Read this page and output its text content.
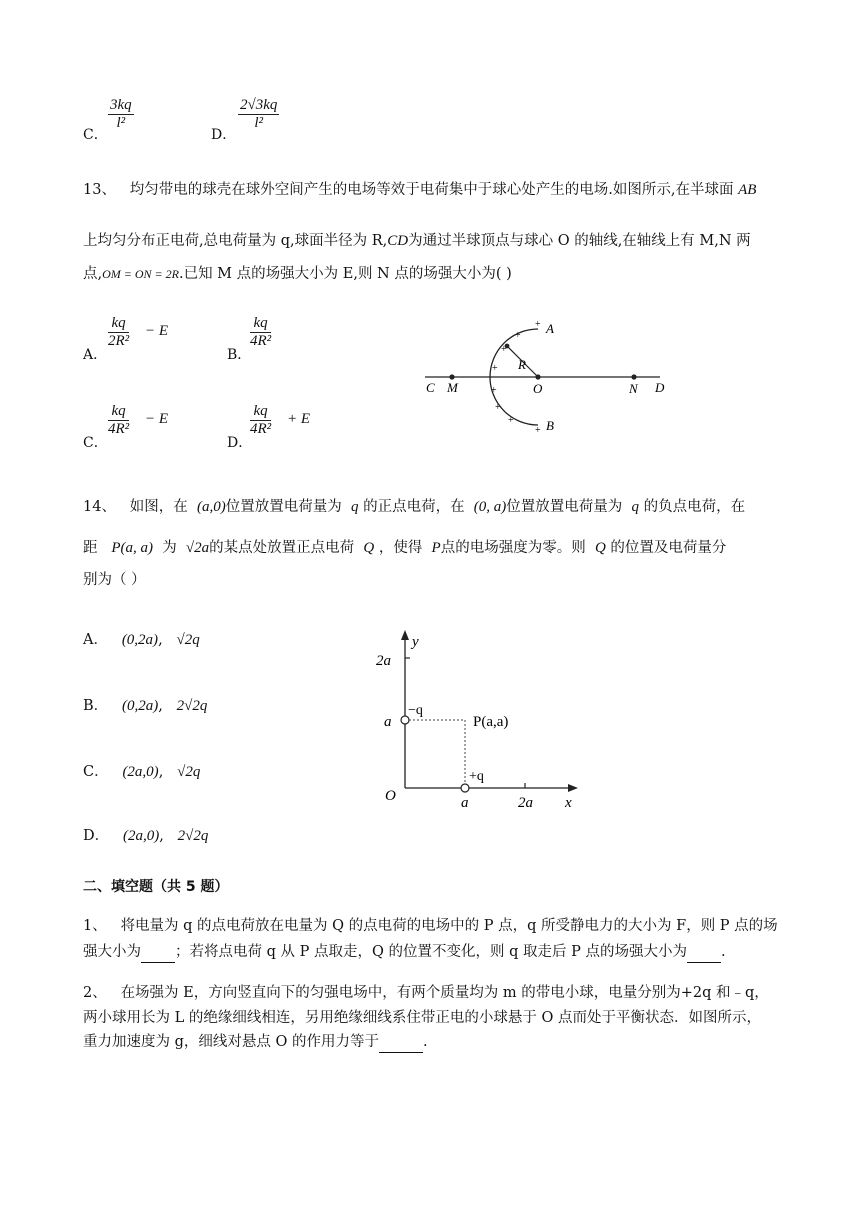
C．
$\frac{3kq}{\text{l²}}$
D．
$\frac{2√3kq}{\text{l²}}$
13、 均匀带电的球壳在球外空间产生的电场等效于电荷集中于球心处产生的电场.如图所示,在半球面 AB
上均匀分布正电荷,总电荷量为 q,球面半径为 R,CD为通过半球顶点与球心 O 的轴线,在轴线上有 M,N 两
点,OM = ON = 2R.已知 M 点的场强大小为 E,则 N 点的场强大小为( )
A．
$\frac{kq}{\text{2R²}} - E$
B．
$\frac{kq}{\text{4R²}}$
C．
$\frac{kq}{\text{4R²}} - E$
D．
$\frac{kq}{\text{4R²}} + E$
C M	O	N D
A
B
R
+
+
+
+
+
+
+
+
14、 如图，在 (a,0)位置放置电荷量为 q 的正点电荷，在 (0, a)位置放置电荷量为 q 的负点电荷，在
距 P(a, a) 为 √2a的某点处放置正点电荷 Q ，使得 P点的电场强度为零。则 Q 的位置及电荷量分
别为（ ）
A． (0,2a),   √2q
B． (0,2a),   2√2q
C． (2a,0),   √2q
D． (2a,0),   2√2q
y
2a
a
−q
P(a,a)
+q
O	a	2a x
二、填空题（共 5 题）
1、 将电量为 q 的点电荷放在电量为 Q 的点电荷的电场中的 P 点，q 所受静电力的大小为 F，则 P 点的场
强大小为 ；若将点电荷 q 从 P 点取走，Q 的位置不变化，则 q 取走后 P 点的场强大小为 .
2、 在场强为 E，方向竖直向下的匀强电场中，有两个质量均为 m 的带电小球，电量分别为+2q 和﹣q，
两小球用长为 L 的绝缘细线相连，另用绝缘细线系住带正电的小球悬于 O 点而处于平衡状态．如图所示，
重力加速度为 g，细线对悬点 O 的作用力等于	.
